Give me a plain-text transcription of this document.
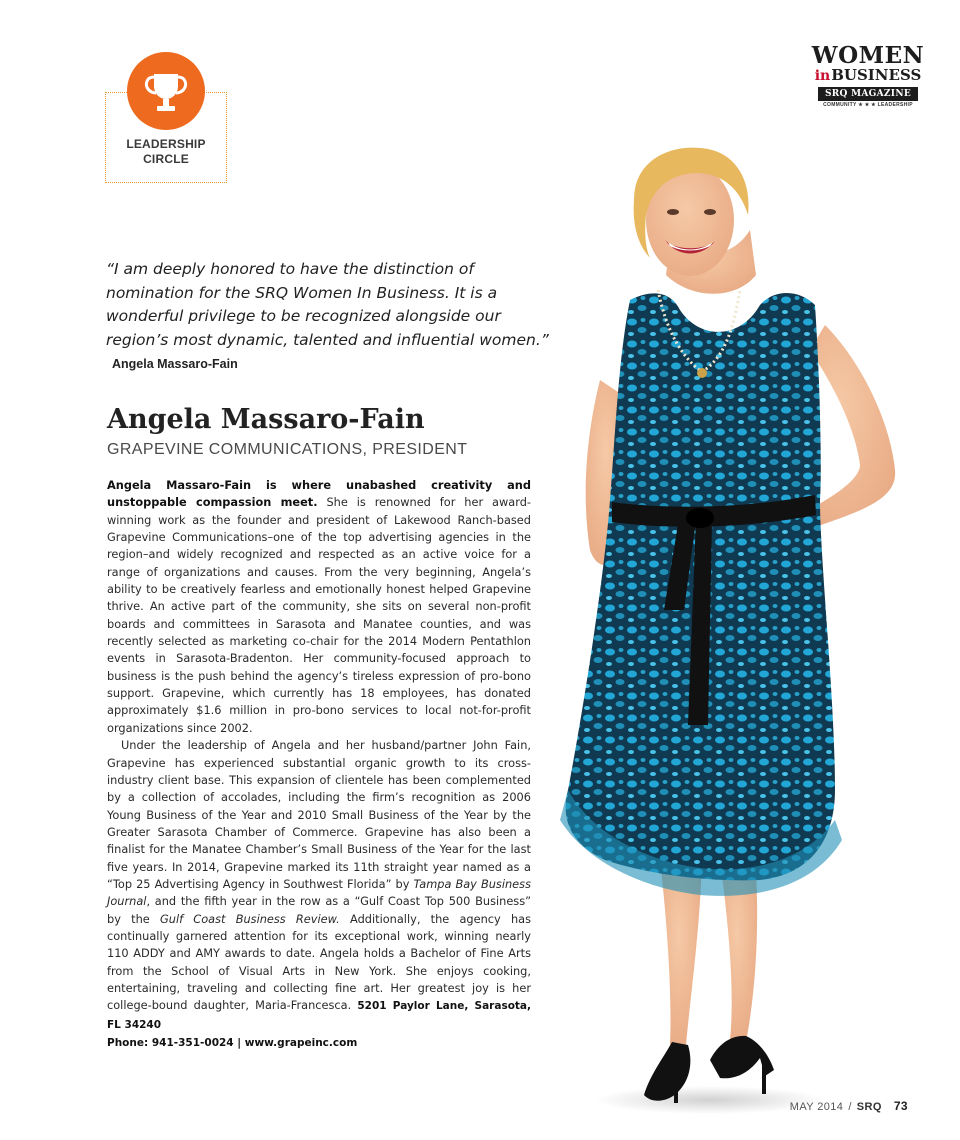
LEADERSHIP
CIRCLE
WOMEN
in BUSINESS
SRQ MAGAZINE
COMMUNITY ★ ★ ★ LEADERSHIP
“I am deeply honored to have the distinction of nomination for the SRQ Women In Business. It is a wonderful privilege to be recognized alongside our region’s most dynamic, talented and influential women.” Angela Massaro-Fain
Angela Massaro-Fain
GRAPEVINE COMMUNICATIONS, PRESIDENT

Angela Massaro-Fain is where unabashed creativity and unstoppable compassion meet. She is renowned for her award-winning work as the founder and president of Lakewood Ranch-based Grapevine Communications–one of the top advertising agencies in the region–and widely recognized and respected as an active voice for a range of organizations and causes. From the very beginning, Angela’s ability to be creatively fearless and emotionally honest helped Grapevine thrive. An active part of the community, she sits on several non-profit boards and committees in Sarasota and Manatee counties, and was recently selected as marketing co-chair for the 2014 Modern Pentathlon events in Sarasota-Bradenton. Her community-focused approach to business is the push behind the agency’s tireless expression of pro-bono support. Grapevine, which currently has 18 employees, has donated approximately $1.6 million in pro-bono services to local not-for-profit organizations since 2002.

Under the leadership of Angela and her husband/partner John Fain, Grapevine has experienced substantial organic growth to its cross-industry client base. This expansion of clientele has been complemented by a collection of accolades, including the firm’s recognition as 2006 Young Business of the Year and 2010 Small Business of the Year by the Greater Sarasota Chamber of Commerce. Grapevine has also been a finalist for the Manatee Chamber’s Small Business of the Year for the last five years. In 2014, Grapevine marked its 11th straight year named as a “Top 25 Advertising Agency in Southwest Florida” by Tampa Bay Business Journal, and the fifth year in the row as a “Gulf Coast Top 500 Business” by the Gulf Coast Business Review. Additionally, the agency has continually garnered attention for its exceptional work, winning nearly 110 ADDY and AMY awards to date. Angela holds a Bachelor of Fine Arts from the School of Visual Arts in New York. She enjoys cooking, entertaining, traveling and collecting fine art. Her greatest joy is her college-bound daughter, Maria-Francesca. 5201 Paylor Lane, Sarasota, FL 34240
Phone: 941-351-0024 | www.grapeinc.com

MAY 2014 / SRQ 73
